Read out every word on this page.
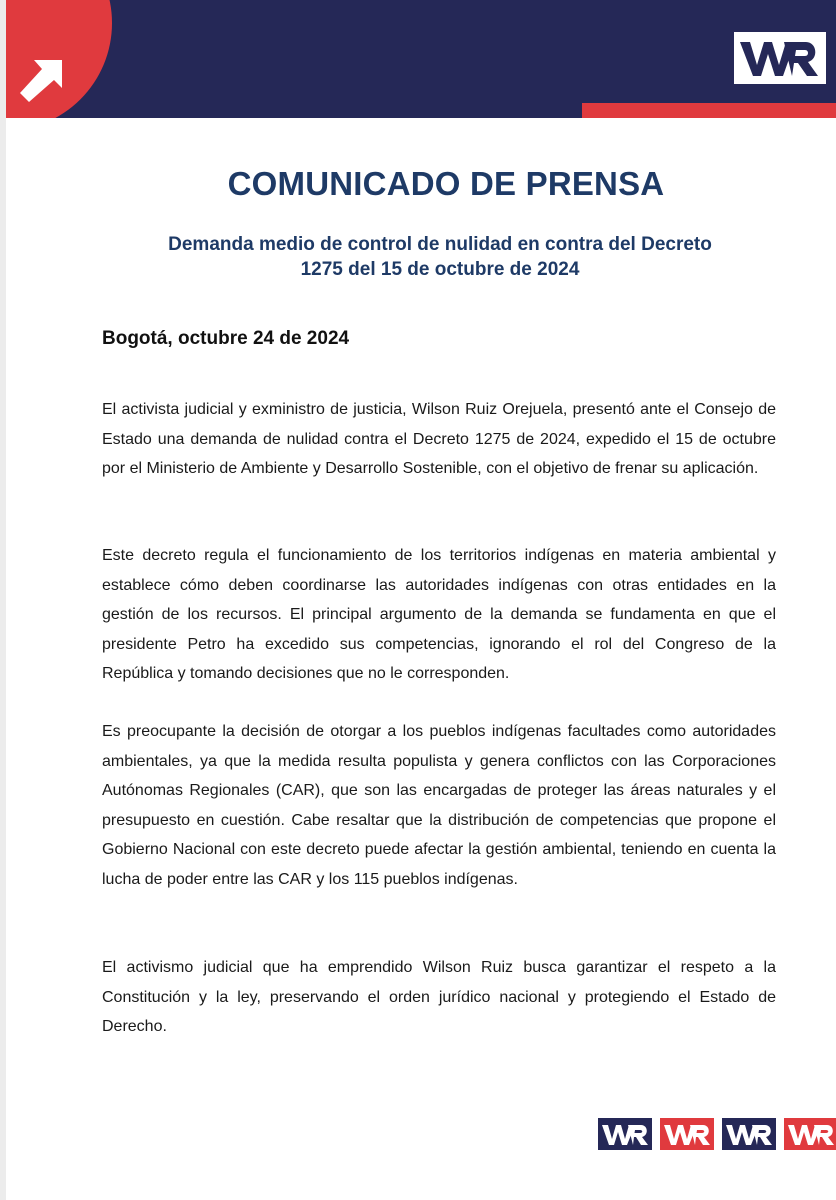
COMUNICADO DE PRENSA
Demanda medio de control de nulidad en contra del Decreto
1275 del 15 de octubre de 2024
Bogotá, octubre 24 de 2024

El activista judicial y exministro de justicia, Wilson Ruiz Orejuela, presentó ante el Consejo de Estado una demanda de nulidad contra el Decreto 1275 de 2024, expedido el 15 de octubre por el Ministerio de Ambiente y Desarrollo Sostenible, con el objetivo de frenar su aplicación.

Este decreto regula el funcionamiento de los territorios indígenas en materia ambiental y establece cómo deben coordinarse las autoridades indígenas con otras entidades en la gestión de los recursos. El principal argumento de la demanda se fundamenta en que el presidente Petro ha excedido sus competencias, ignorando el rol del Congreso de la República y tomando decisiones que no le corresponden.

Es preocupante la decisión de otorgar a los pueblos indígenas facultades como autoridades ambientales, ya que la medida resulta populista y genera conflictos con las Corporaciones Autónomas Regionales (CAR), que son las encargadas de proteger las áreas naturales y el presupuesto en cuestión. Cabe resaltar que la distribución de competencias que propone el Gobierno Nacional con este decreto puede afectar la gestión ambiental, teniendo en cuenta la lucha de poder entre las CAR y los 115 pueblos indígenas.

El activismo judicial que ha emprendido Wilson Ruiz busca garantizar el respeto a la Constitución y la ley, preservando el orden jurídico nacional y protegiendo el Estado de Derecho.
